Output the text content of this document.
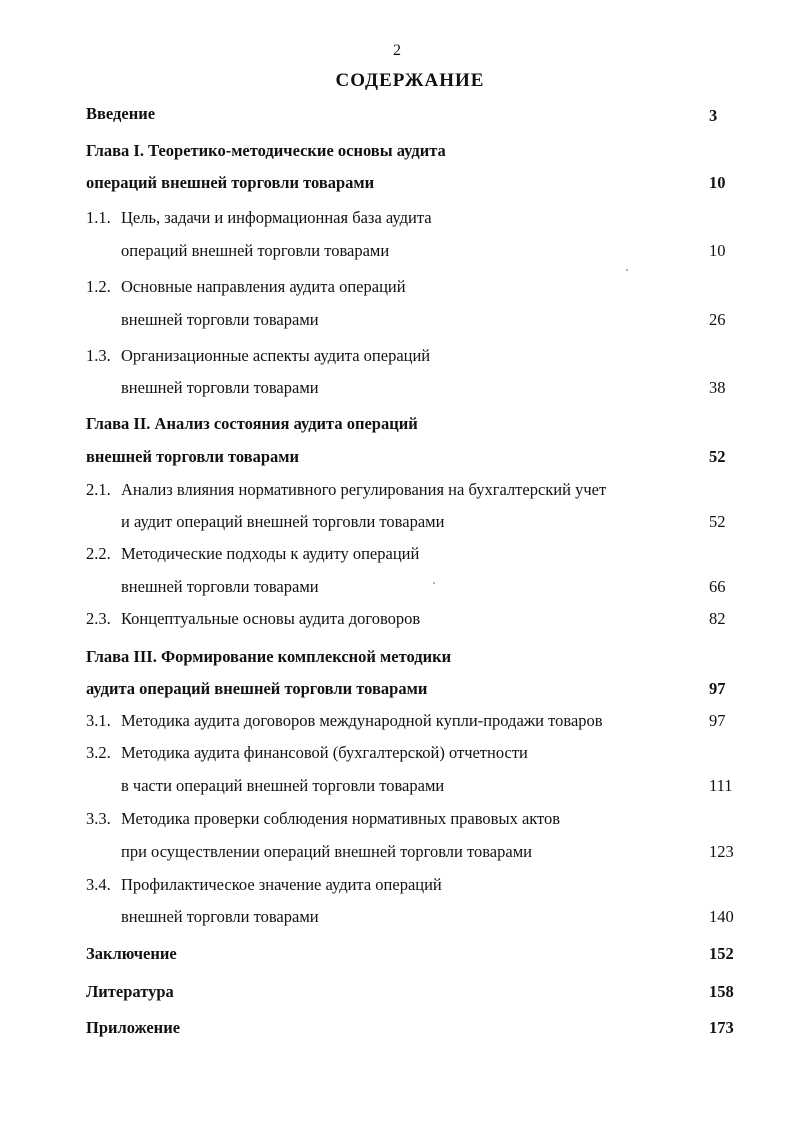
2
СОДЕРЖАНИЕ
Введение	3
Глава I. Теоретико-методические основы аудита
операций внешней торговли товарами	10
1.1. Цель, задачи и информационная база аудита
операций внешней торговли товарами	10
1.2. Основные направления аудита операций
внешней торговли товарами	26
1.3. Организационные аспекты аудита операций
внешней торговли товарами	38
Глава II. Анализ состояния аудита операций
внешней торговли товарами	52
2.1. Анализ влияния нормативного регулирования на бухгалтерский учет
и аудит операций внешней торговли товарами	52
2.2. Методические подходы к аудиту операций
внешней торговли товарами	66
2.3. Концептуальные основы аудита договоров	82
Глава III. Формирование комплексной методики
аудита операций внешней торговли товарами	97
3.1. Методика аудита договоров международной купли-продажи товаров	97
3.2. Методика аудита финансовой (бухгалтерской) отчетности
в части операций внешней торговли товарами	111
3.3. Методика проверки соблюдения нормативных правовых актов
при осуществлении операций внешней торговли товарами	123
3.4. Профилактическое значение аудита операций
внешней торговли товарами	140
Заключение	152
Литература	158
Приложение	173
